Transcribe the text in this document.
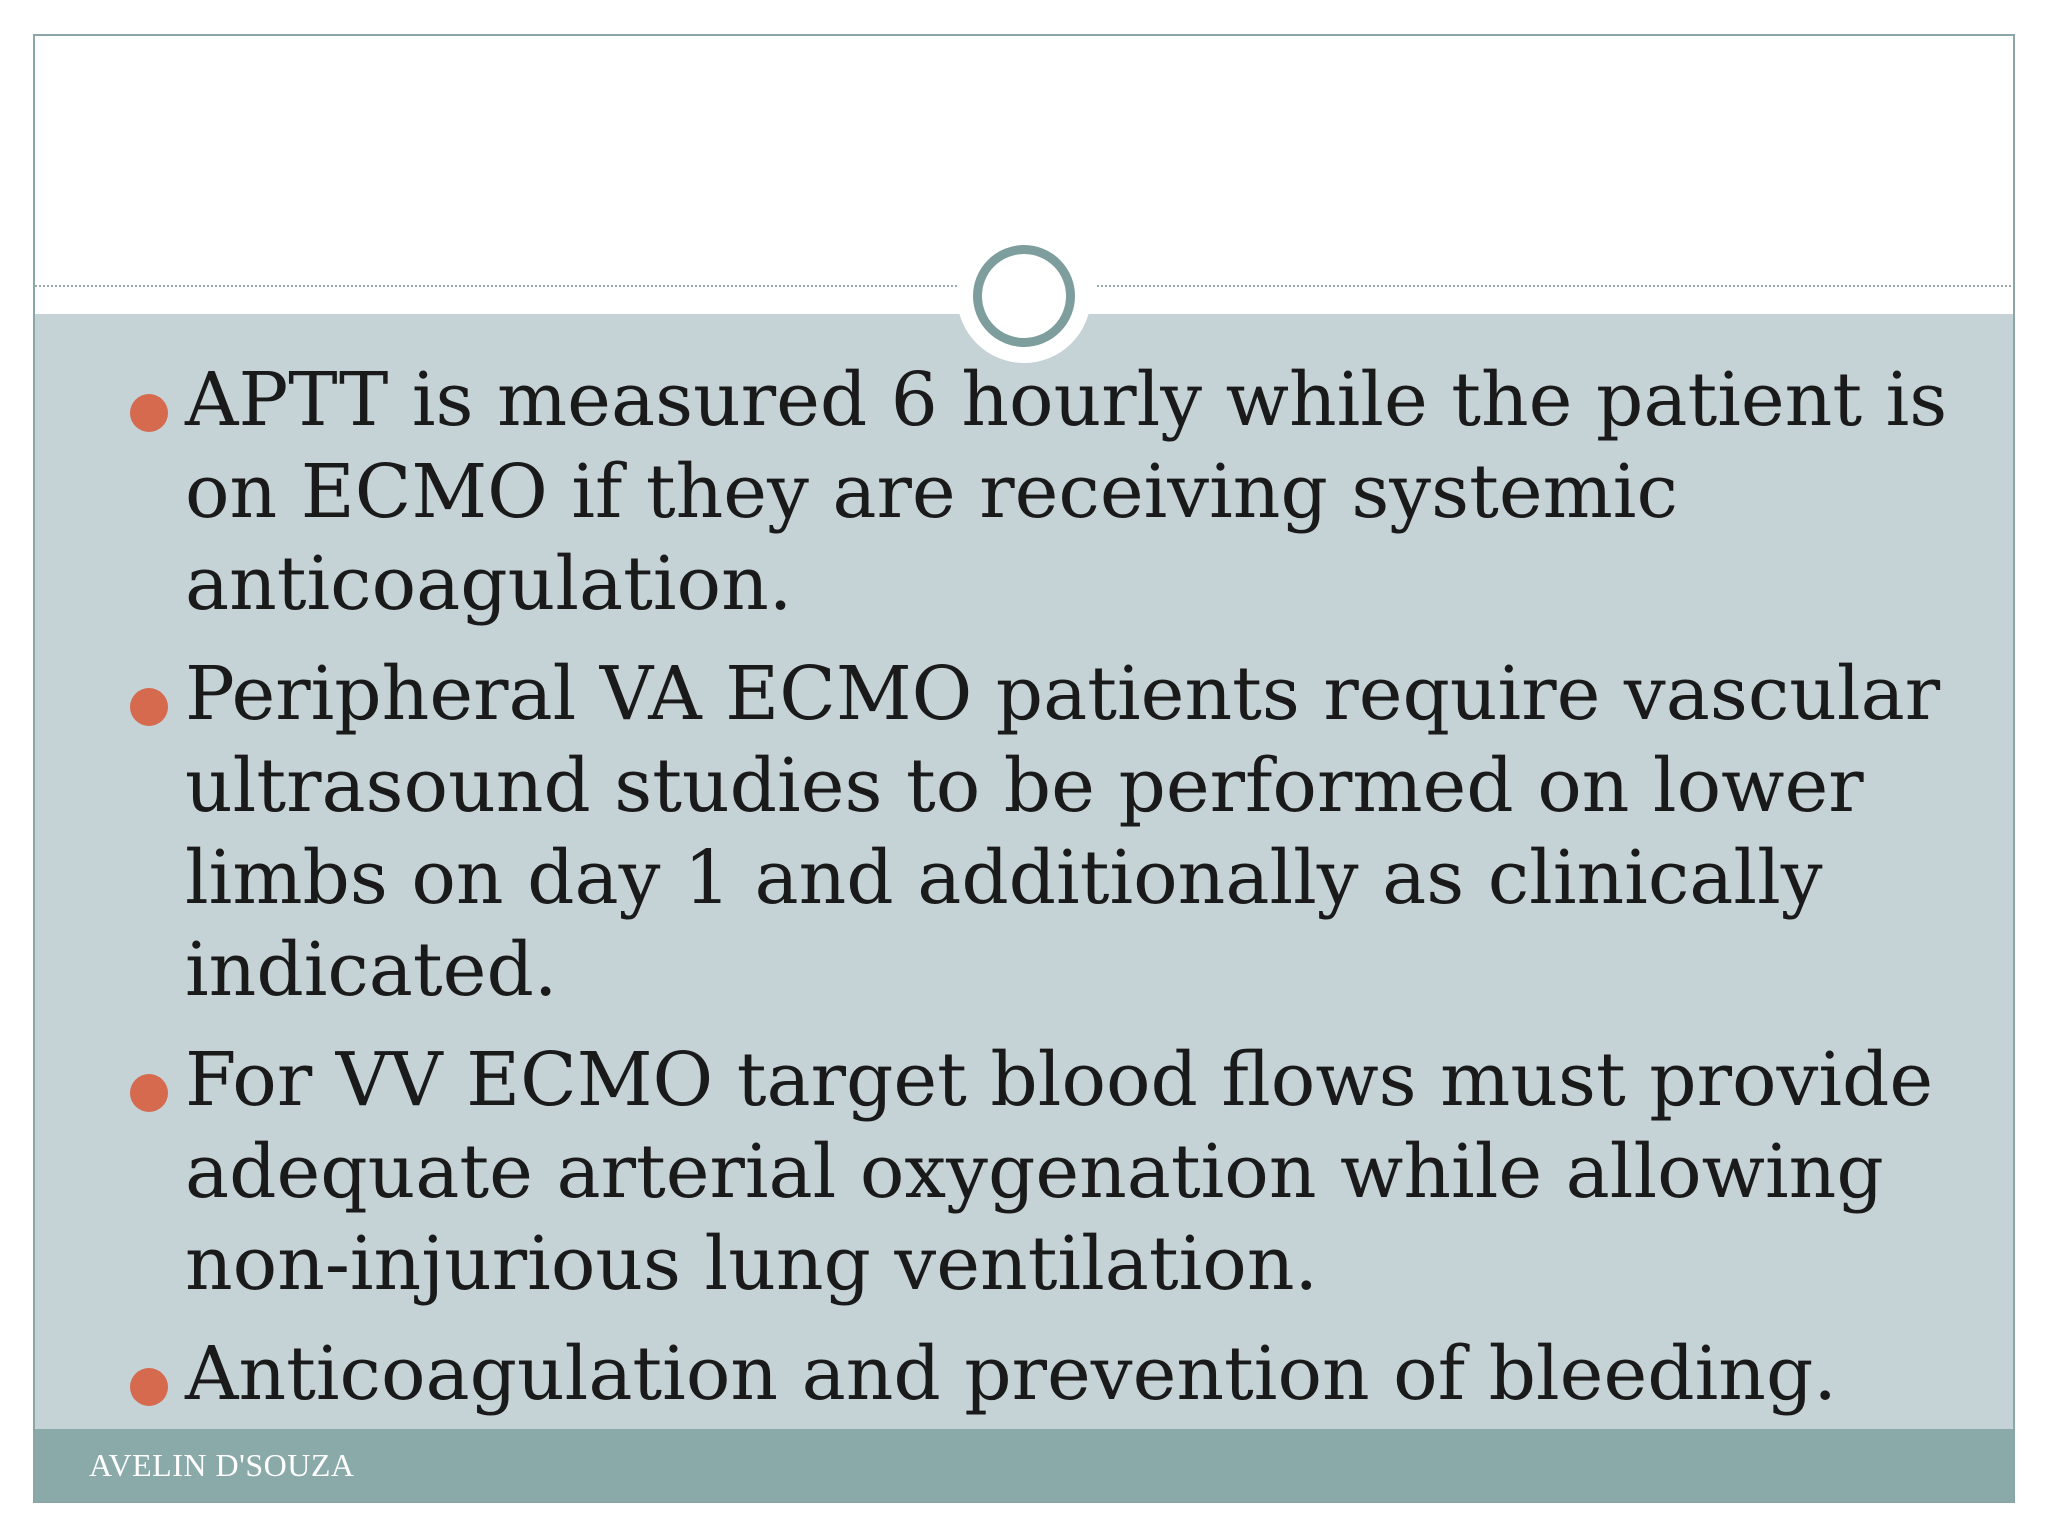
APTT is measured 6 hourly while the patient is on ECMO if they are receiving systemic anticoagulation.
Peripheral VA ECMO patients require vascular ultrasound studies to be performed on lower limbs on day 1 and additionally as clinically indicated.
For VV ECMO target blood flows must provide adequate arterial oxygenation while allowing non-injurious lung ventilation.
Anticoagulation and prevention of bleeding.
AVELIN D'SOUZA
